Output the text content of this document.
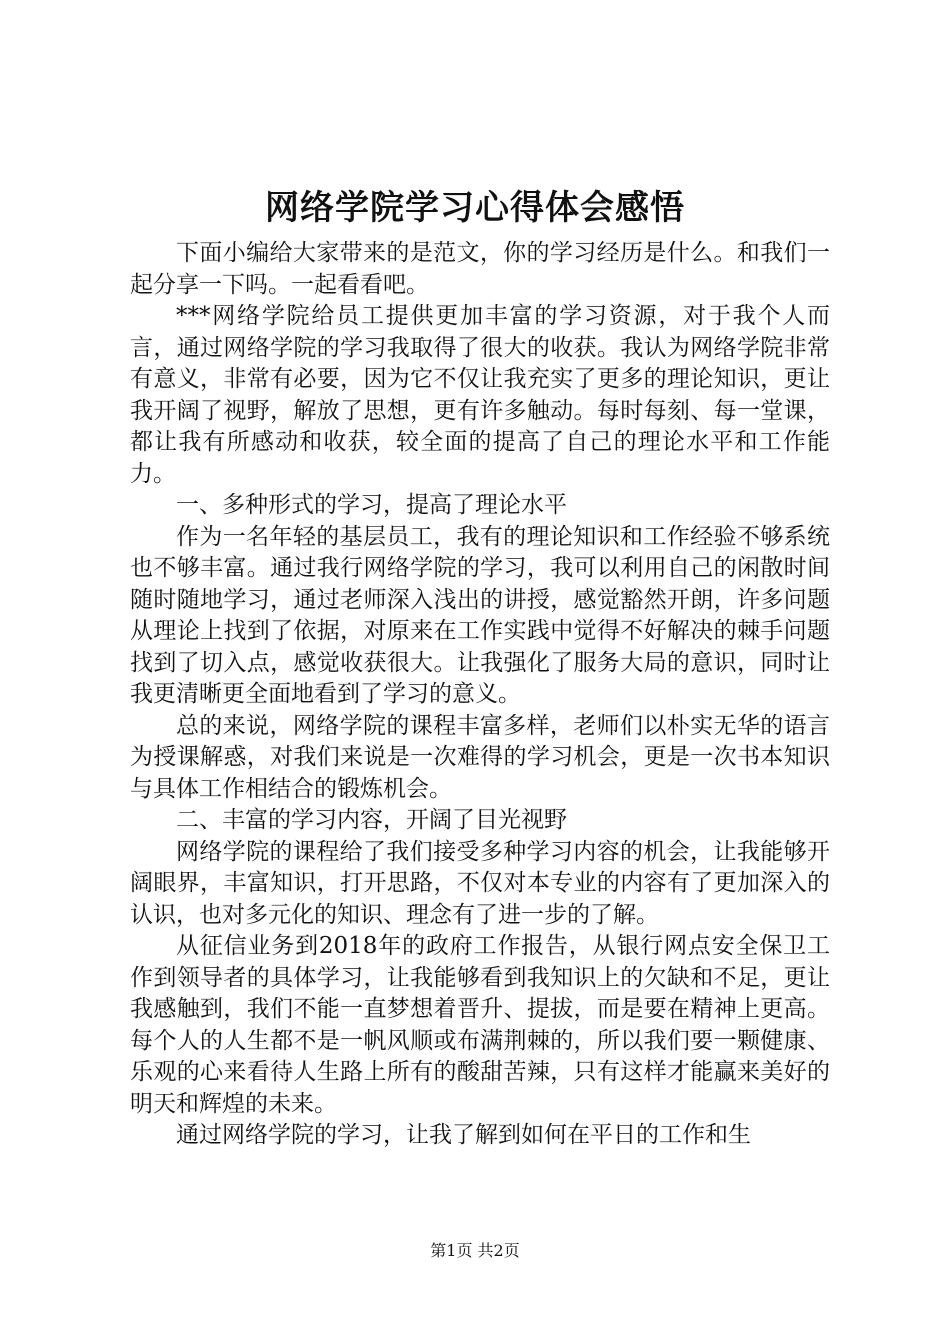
网络学院学习心得体会感悟

下面小编给大家带来的是范文，你的学习经历是什么。和我们一起分享一下吗。一起看看吧。

***网络学院给员工提供更加丰富的学习资源，对于我个人而言，通过网络学院的学习我取得了很大的收获。我认为网络学院非常有意义，非常有必要，因为它不仅让我充实了更多的理论知识，更让我开阔了视野，解放了思想，更有许多触动。每时每刻、每一堂课，都让我有所感动和收获，较全面的提高了自己的理论水平和工作能力。

一、多种形式的学习，提高了理论水平

作为一名年轻的基层员工，我有的理论知识和工作经验不够系统也不够丰富。通过我行网络学院的学习，我可以利用自己的闲散时间随时随地学习，通过老师深入浅出的讲授，感觉豁然开朗，许多问题从理论上找到了依据，对原来在工作实践中觉得不好解决的棘手问题找到了切入点，感觉收获很大。让我强化了服务大局的意识，同时让我更清晰更全面地看到了学习的意义。

总的来说，网络学院的课程丰富多样，老师们以朴实无华的语言为授课解惑，对我们来说是一次难得的学习机会，更是一次书本知识与具体工作相结合的锻炼机会。

二、丰富的学习内容，开阔了目光视野

网络学院的课程给了我们接受多种学习内容的机会，让我能够开阔眼界，丰富知识，打开思路，不仅对本专业的内容有了更加深入的认识，也对多元化的知识、理念有了进一步的了解。

从征信业务到2018年的政府工作报告，从银行网点安全保卫工作到领导者的具体学习，让我能够看到我知识上的欠缺和不足，更让我感触到，我们不能一直梦想着晋升、提拔，而是要在精神上更高。每个人的人生都不是一帆风顺或布满荆棘的，所以我们要一颗健康、乐观的心来看待人生路上所有的酸甜苦辣，只有这样才能赢来美好的明天和辉煌的未来。

通过网络学院的学习，让我了解到如何在平日的工作和生

第1页 共2页
